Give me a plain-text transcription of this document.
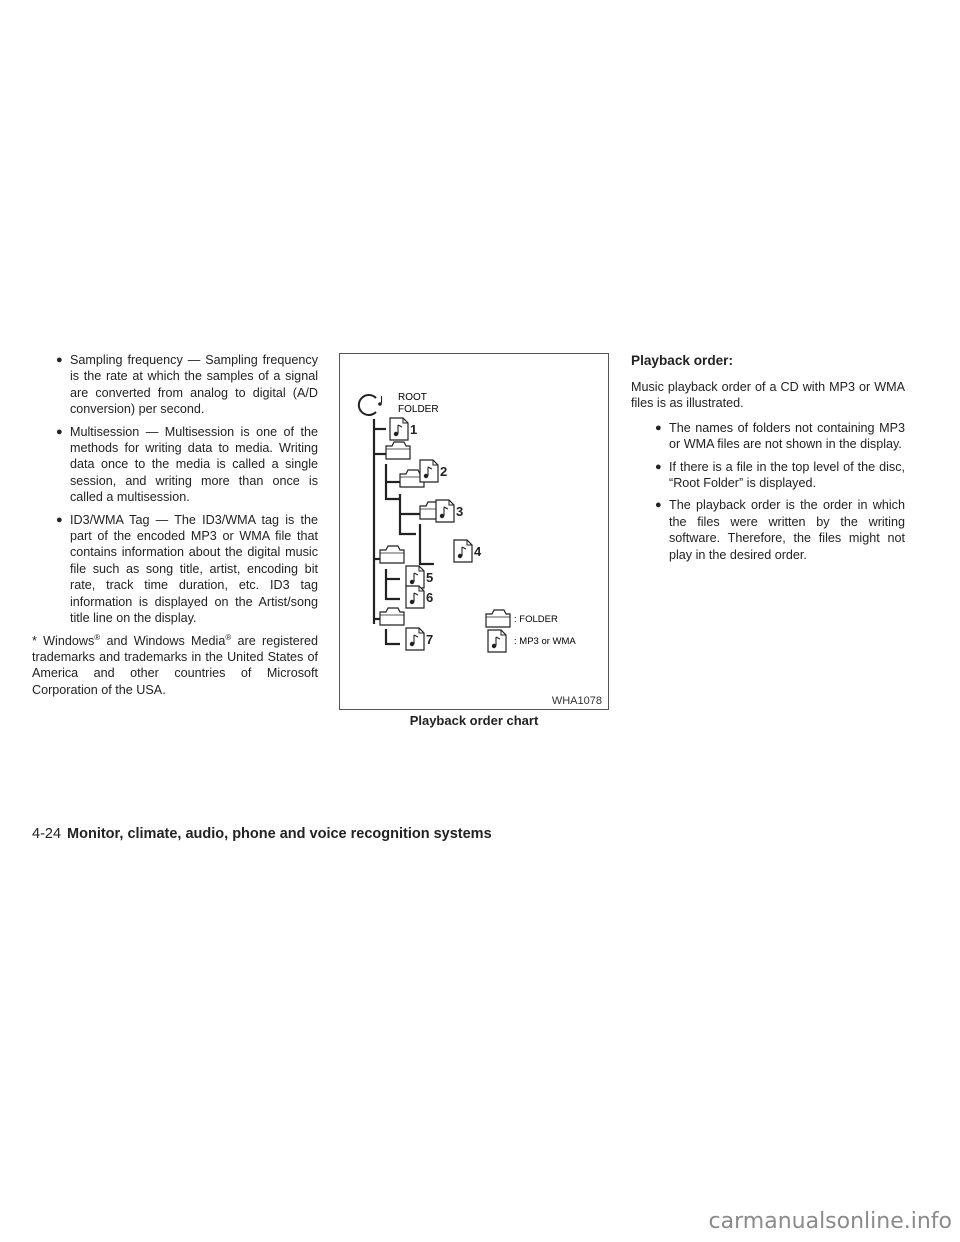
● Sampling frequency — Sampling frequency is the rate at which the samples of a signal are converted from analog to digital (A/D conversion) per second.
● Multisession — Multisession is one of the methods for writing data to media. Writing data once to the media is called a single session, and writing more than once is called a multisession.
● ID3/WMA Tag — The ID3/WMA tag is the part of the encoded MP3 or WMA file that contains information about the digital music file such as song title, artist, encoding bit rate, track time duration, etc. ID3 tag information is displayed on the Artist/song title line on the display.

* Windows® and Windows Media® are registered trademarks and trademarks in the United States of America and other countries of Microsoft Corporation of the USA.

ROOT
FOLDER
1
2
3
4
5
6
7
: FOLDER
: MP3 or WMA
WHA1078
Playback order chart
Playback order:

Music playback order of a CD with MP3 or WMA files is as illustrated.

● The names of folders not containing MP3 or WMA files are not shown in the display.
● If there is a file in the top level of the disc, “Root Folder” is displayed.
● The playback order is the order in which the files were written by the writing software. Therefore, the files might not play in the desired order.
4-24 Monitor, climate, audio, phone and voice recognition systems
carmanualsonline.info
